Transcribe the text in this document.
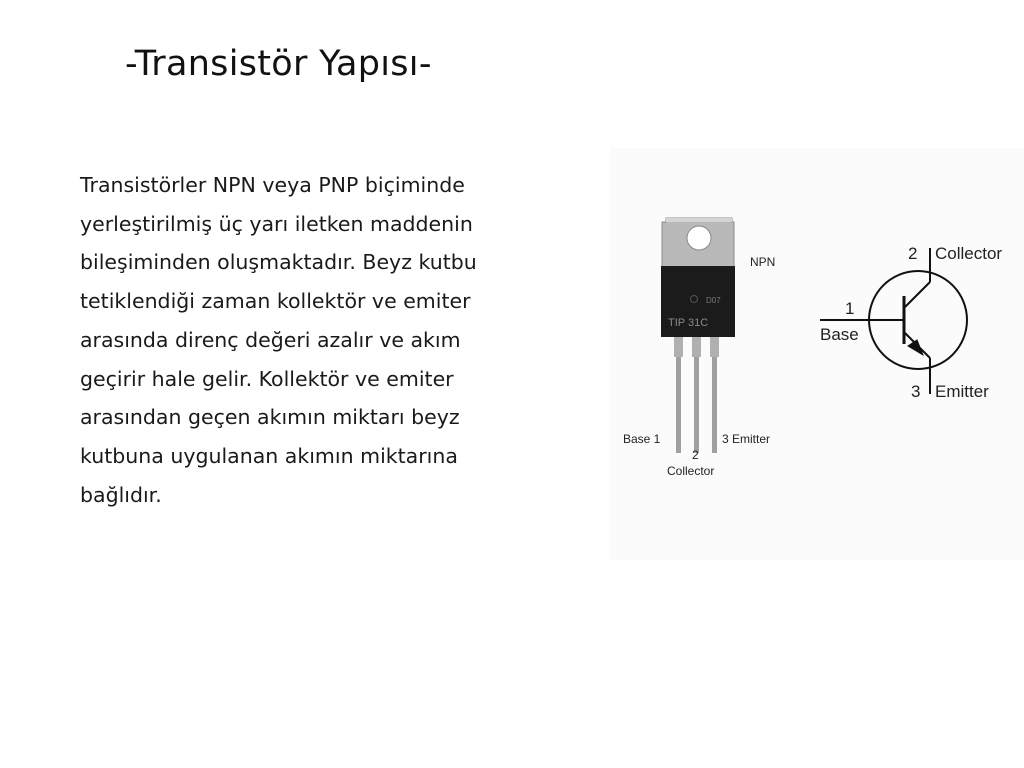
-Transistör Yapısı-
Transistörler NPN veya PNP biçiminde
yerleştirilmiş üç yarı iletken maddenin
bileşiminden oluşmaktadır. Beyz kutbu
tetiklendiği zaman kollektör ve emiter
arasında direnç değeri azalır ve akım
geçirir hale gelir. Kollektör ve emiter
arasından geçen akımın miktarı beyz
kutbuna uygulanan akımın miktarına
bağlıdır.
D07
TIP 31C
NPN
Base 1	3 Emitter
2
Collector
2 Collector
1
Base
3 Emitter
